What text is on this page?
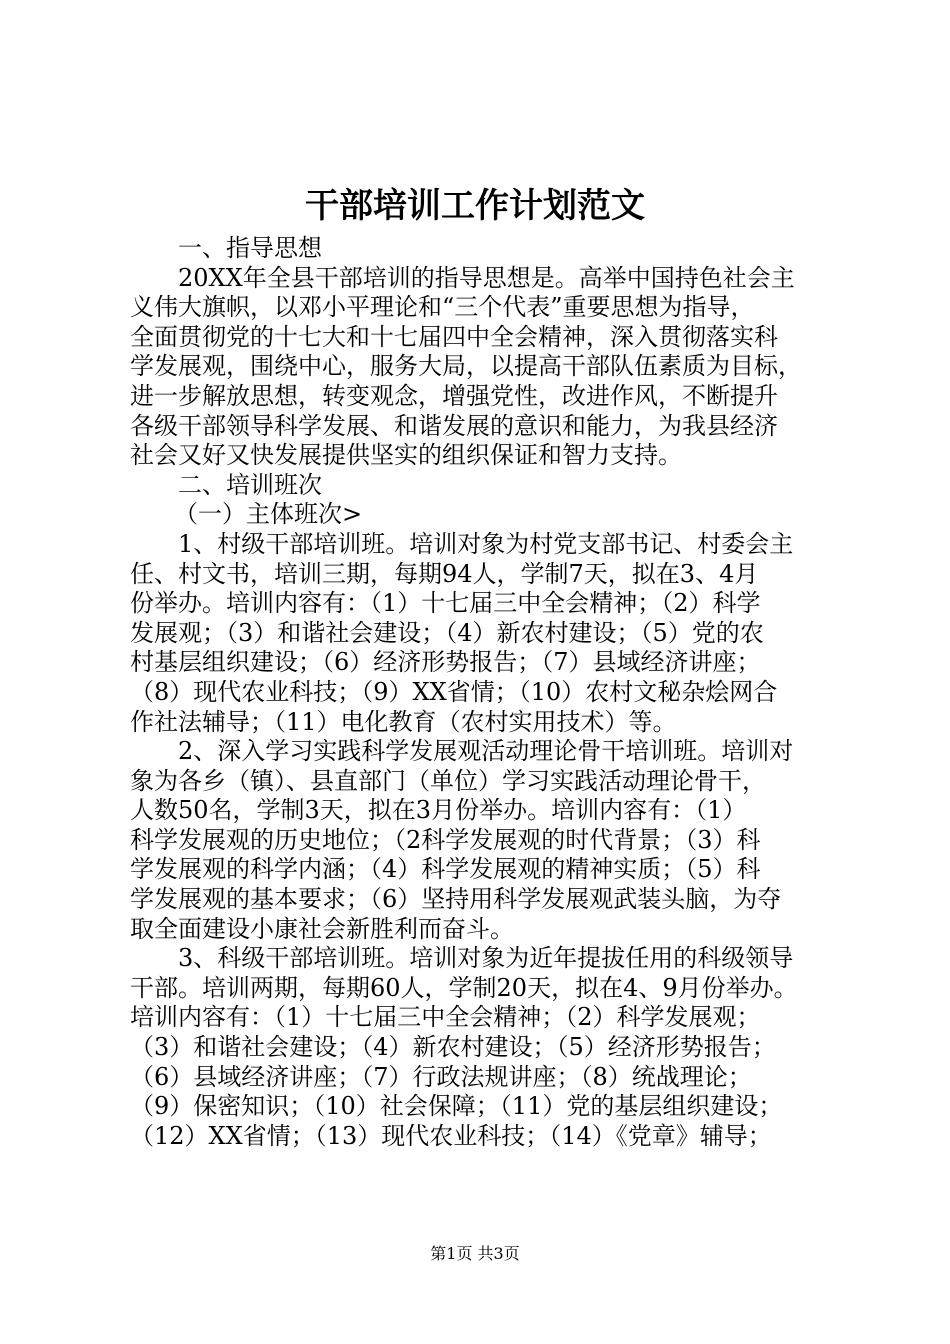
干部培训工作计划范文
一、指导思想
20XX年全县干部培训的指导思想是。高举中国持色社会主
义伟大旗帜，以邓小平理论和“三个代表”重要思想为指导，
全面贯彻党的十七大和十七届四中全会精神，深入贯彻落实科
学发展观，围绕中心，服务大局，以提高干部队伍素质为目标，
进一步解放思想，转变观念，增强党性，改进作风，不断提升
各级干部领导科学发展、和谐发展的意识和能力，为我县经济
社会又好又快发展提供坚实的组织保证和智力支持。
二、培训班次
（一）主体班次>
1、村级干部培训班。培训对象为村党支部书记、村委会主
任、村文书，培训三期，每期94人，学制7天，拟在3、4月
份举办。培训内容有：（1）十七届三中全会精神；（2）科学
发展观；（3）和谐社会建设；（4）新农村建设；（5）党的农
村基层组织建设；（6）经济形势报告；（7）县域经济讲座；
（8）现代农业科技；（9）XX省情；（10）农村文秘杂烩网合
作社法辅导；（11）电化教育（农村实用技术）等。
2、深入学习实践科学发展观活动理论骨干培训班。培训对
象为各乡（镇）、县直部门（单位）学习实践活动理论骨干，
人数50名，学制3天，拟在3月份举办。培训内容有：（1）
科学发展观的历史地位；（2科学发展观的时代背景；（3）科
学发展观的科学内涵；（4）科学发展观的精神实质；（5）科
学发展观的基本要求；（6）坚持用科学发展观武装头脑，为夺
取全面建设小康社会新胜利而奋斗。
3、科级干部培训班。培训对象为近年提拔任用的科级领导
干部。培训两期，每期60人，学制20天，拟在4、9月份举办。
培训内容有：（1）十七届三中全会精神；（2）科学发展观；
（3）和谐社会建设；（4）新农村建设；（5）经济形势报告；
（6）县域经济讲座；（7）行政法规讲座；（8）统战理论；
（9）保密知识；（10）社会保障；（11）党的基层组织建设；
（12）XX省情；（13）现代农业科技；（14）《党章》辅导；
第1页 共3页
